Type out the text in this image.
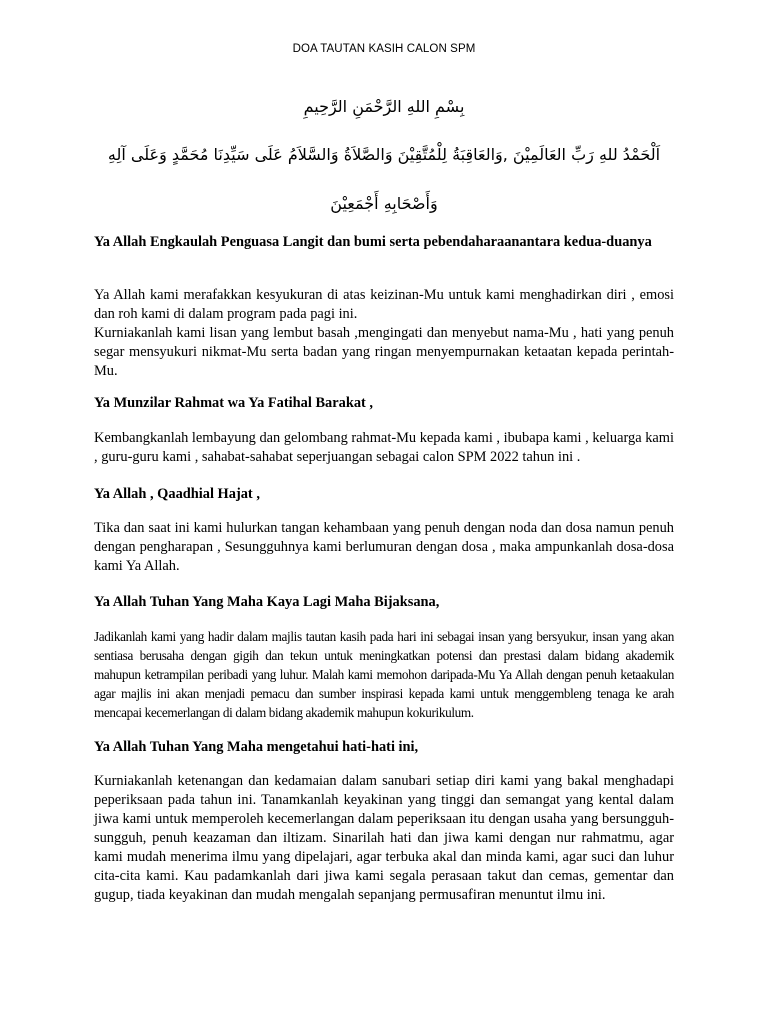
DOA TAUTAN KASIH CALON SPM
بِسْمِ اللهِ الرَّحْمَنِ الرَّحِيمِ
اَلْحَمْدُ للهِ رَبِّ العَالَمِيْنَ ,وَالعَاقِبَةُ لِلْمُتَّقِيْنَ وَالصَّلاَةُ وَالسَّلاَمُ عَلَى سَيِّدِنَا مُحَمَّدٍ وَعَلَى آلِهِ
وَأَصْحَابِهِ أَجْمَعِيْنَ
Ya Allah Engkaulah Penguasa Langit dan bumi serta pebendaharaanantara kedua-duanya

Ya Allah kami merafakkan kesyukuran di atas keizinan-Mu untuk kami menghadirkan diri , emosi dan roh kami di dalam program pada pagi ini.

Kurniakanlah kami lisan yang lembut basah ,mengingati dan menyebut nama-Mu , hati yang penuh segar mensyukuri nikmat-Mu serta badan yang ringan menyempurnakan ketaatan kepada perintah-Mu.

Ya Munzilar Rahmat wa Ya Fatihal Barakat ,
Kembangkanlah lembayung dan gelombang rahmat-Mu kepada kami , ibubapa kami , keluarga kami , guru-guru kami , sahabat-sahabat seperjuangan sebagai calon SPM 2022 tahun ini .
Ya Allah , Qaadhial Hajat ,
Tika dan saat ini kami hulurkan tangan kehambaan yang penuh dengan noda dan dosa namun penuh dengan pengharapan , Sesungguhnya kami berlumuran dengan dosa , maka ampunkanlah dosa-dosa kami Ya Allah.
Ya Allah Tuhan Yang Maha Kaya Lagi Maha Bijaksana,
Jadikanlah kami yang hadir dalam majlis tautan kasih pada hari ini sebagai insan yang bersyukur, insan yang akan sentiasa berusaha dengan gigih dan tekun untuk meningkatkan potensi dan prestasi dalam bidang akademik mahupun ketrampilan peribadi yang luhur. Malah kami memohon daripada-Mu Ya Allah dengan penuh ketaakulan agar majlis ini akan menjadi pemacu dan sumber inspirasi kepada kami untuk menggembleng tenaga ke arah mencapai kecemerlangan di dalam bidang akademik mahupun kokurikulum.
Ya Allah Tuhan Yang Maha mengetahui hati-hati ini,
Kurniakanlah ketenangan dan kedamaian dalam sanubari setiap diri kami yang bakal menghadapi peperiksaan pada tahun ini. Tanamkanlah keyakinan yang tinggi dan semangat yang kental dalam jiwa kami untuk memperoleh kecemerlangan dalam peperiksaan itu dengan usaha yang bersungguh-sungguh, penuh keazaman dan iltizam. Sinarilah hati dan jiwa kami dengan nur rahmatmu, agar kami mudah menerima ilmu yang dipelajari, agar terbuka akal dan minda kami, agar suci dan luhur cita-cita kami. Kau padamkanlah dari jiwa kami segala perasaan takut dan cemas, gementar dan gugup, tiada keyakinan dan mudah mengalah sepanjang permusafiran menuntut ilmu ini.
